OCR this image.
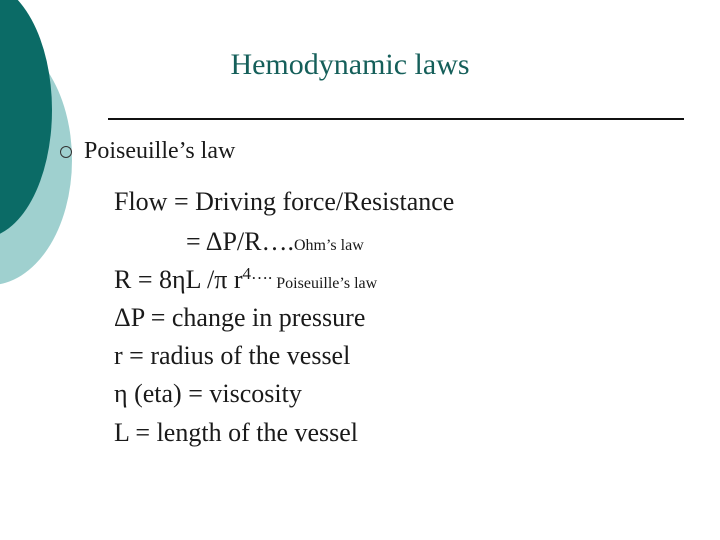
Hemodynamic laws
Poiseuille’s law
Flow = Driving force/Resistance
= ΔP/R….Ohm’s law
R = 8ηL /π $r^{4\dots.}$ Poiseuille’s law
ΔP = change in pressure
r = radius of the vessel
η (eta) = viscosity
L = length of the vessel
